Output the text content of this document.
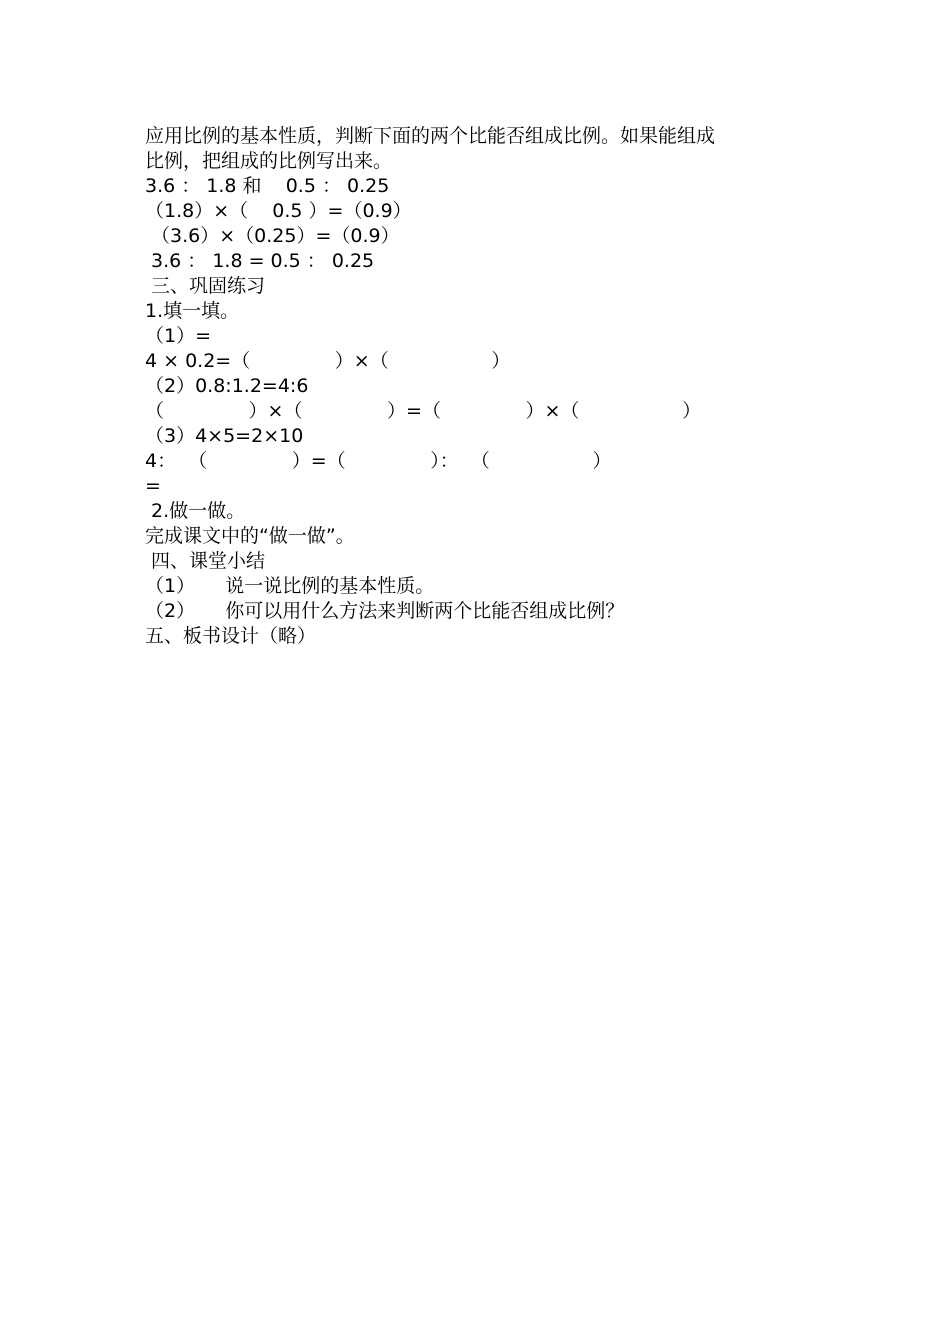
应用比例的基本性质，判断下面的两个比能否组成比例。如果能组成
比例，把组成的比例写出来。
3.6 ： 1.8 和    0.5 ： 0.25
（1.8）×（    0.5 ）=（0.9）
（3.6）×（0.25）=（0.9）
3.6 ： 1.8 = 0.5 ： 0.25
三、巩固练习
1.填一填。
（1）=
4 × 0.2=（              ）×（                 ）
（2）0.8:1.2=4:6
（              ）×（              ）=（              ）×（                 ）
（3）4×5=2×10
4：  （              ）=（              ）：  （                 ）
=
2.做一做。
完成课文中的“做一做”。
四、课堂小结
（1）     说一说比例的基本性质。
（2）     你可以用什么方法来判断两个比能否组成比例？
五、板书设计（略）
